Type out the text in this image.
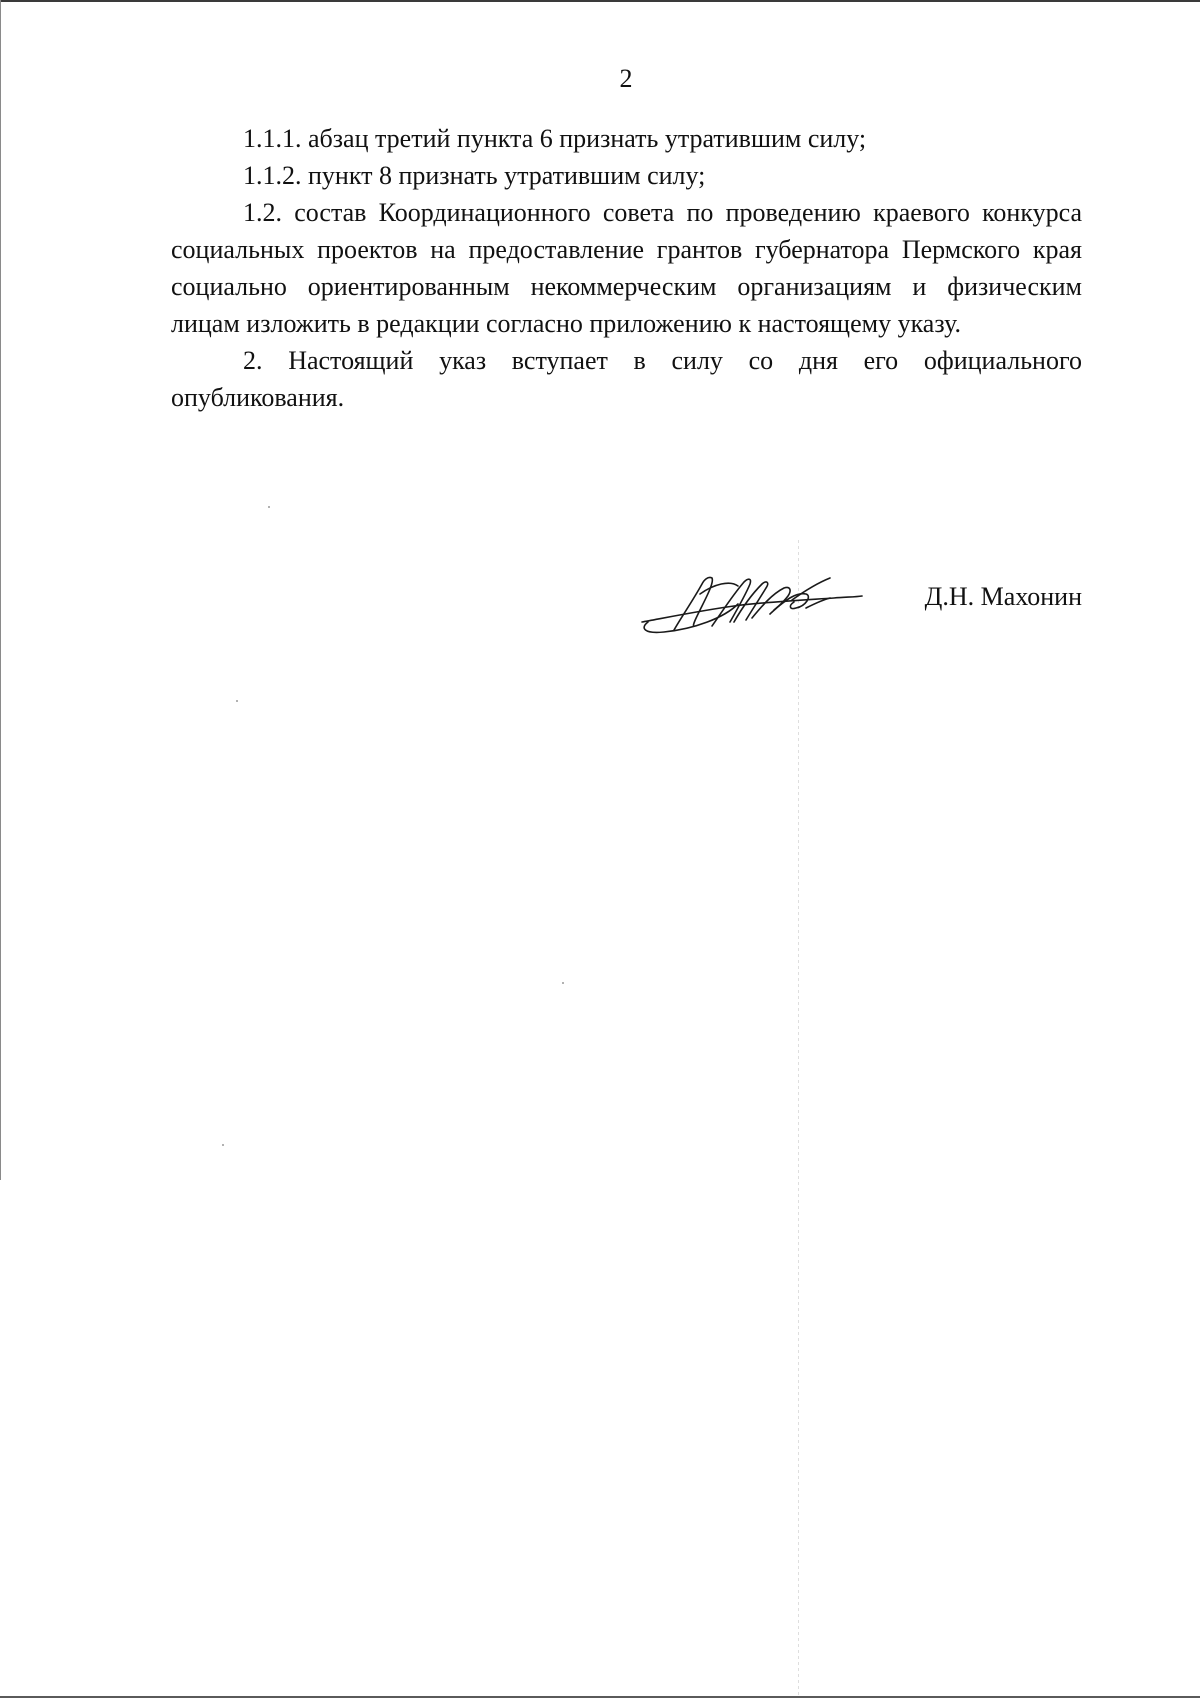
2

1.1.1. абзац третий пункта 6 признать утратившим силу;

1.1.2. пункт 8 признать утратившим силу;

1.2. состав Координационного совета по проведению краевого конкурса социальных проектов на предоставление грантов губернатора Пермского края социально ориентированным некоммерческим организациям и физическим лицам изложить в редакции согласно приложению к настоящему указу.

2. Настоящий указ вступает в силу со дня его официального опубликования.

Д.Н. Махонин
